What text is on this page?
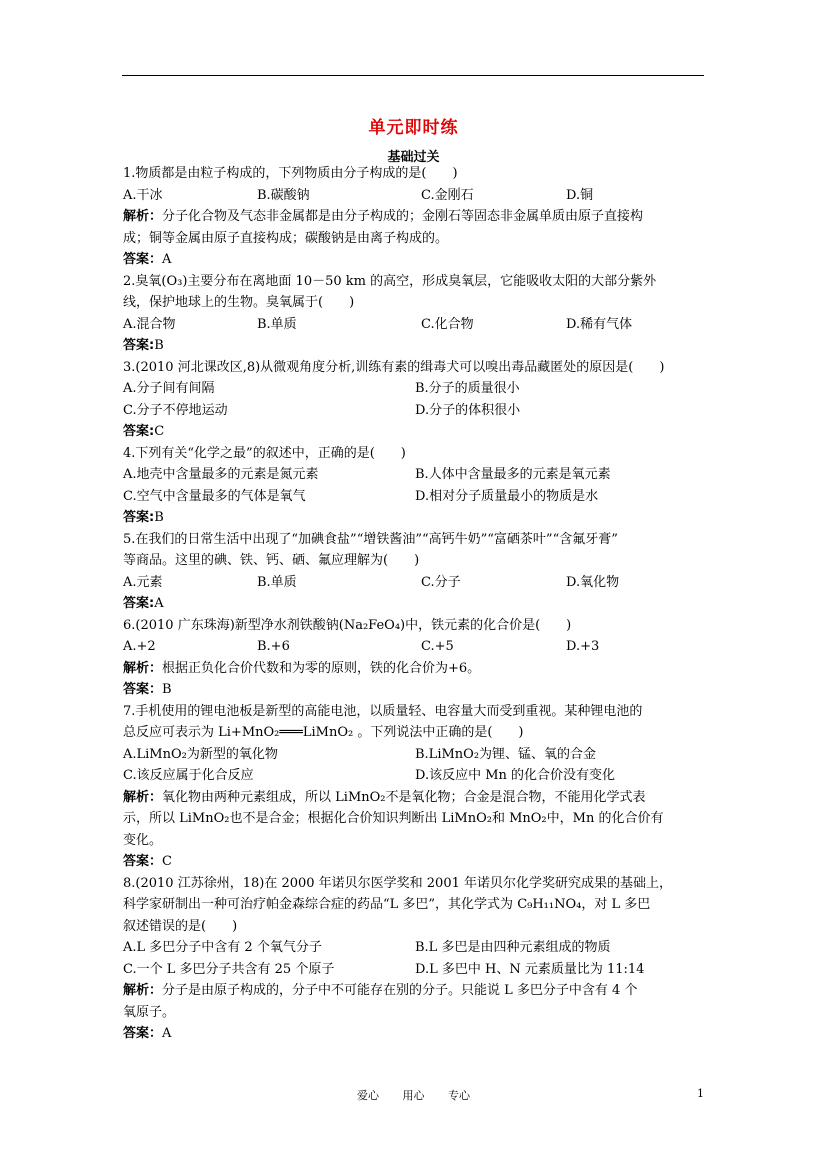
单元即时练
基础过关
1.物质都是由粒子构成的，下列物质由分子构成的是(　　)
A.干冰	B.碳酸钠	C.金刚石	D.铜
解析：分子化合物及气态非金属都是由分子构成的；金刚石等固态非金属单质由原子直接构
成；铜等金属由原子直接构成；碳酸钠是由离子构成的。
答案：A
2.臭氧(O₃)主要分布在离地面 10－50 km 的高空，形成臭氧层，它能吸收太阳的大部分紫外
线，保护地球上的生物。臭氧属于(　　)
A.混合物	B.单质	C.化合物	D.稀有气体
答案:B
3.(2010 河北课改区,8)从微观角度分析,训练有素的缉毒犬可以嗅出毒品藏匿处的原因是(　　)
A.分子间有间隔	B.分子的质量很小
C.分子不停地运动	D.分子的体积很小
答案:C
4.下列有关“化学之最”的叙述中，正确的是(　　)
A.地壳中含量最多的元素是氮元素	B.人体中含量最多的元素是氧元素
C.空气中含量最多的气体是氧气	D.相对分子质量最小的物质是水
答案:B
5.在我们的日常生活中出现了“加碘食盐”“增铁酱油”“高钙牛奶”“富硒茶叶”“含氟牙膏”
等商品。这里的碘、铁、钙、硒、氟应理解为(　　)
A.元素	B.单质	C.分子	D.氧化物
答案:A
6.(2010 广东珠海)新型净水剂铁酸钠(Na₂FeO₄)中，铁元素的化合价是(　　)
A.+2	B.+6	C.+5	D.+3
解析：根据正负化合价代数和为零的原则，铁的化合价为+6。
答案：B
7.手机使用的锂电池板是新型的高能电池，以质量轻、电容量大而受到重视。某种锂电池的
总反应可表示为 Li+MnO₂═══LiMnO₂ 。下列说法中正确的是(　　)
A.LiMnO₂为新型的氧化物	B.LiMnO₂为锂、锰、氧的合金
C.该反应属于化合反应	D.该反应中 Mn 的化合价没有变化
解析：氧化物由两种元素组成，所以 LiMnO₂不是氧化物；合金是混合物，不能用化学式表
示，所以 LiMnO₂也不是合金；根据化合价知识判断出 LiMnO₂和 MnO₂中，Mn 的化合价有
变化。
答案：C
8.(2010 江苏徐州，18)在 2000 年诺贝尔医学奖和 2001 年诺贝尔化学奖研究成果的基础上，
科学家研制出一种可治疗帕金森综合症的药品“L 多巴”，其化学式为 C₉H₁₁NO₄，对 L 多巴
叙述错误的是(　　)
A.L 多巴分子中含有 2 个氧气分子	B.L 多巴是由四种元素组成的物质
C.一个 L 多巴分子共含有 25 个原子	D.L 多巴中 H、N 元素质量比为 11:14
解析：分子是由原子构成的，分子中不可能存在别的分子。只能说 L 多巴分子中含有 4 个
氧原子。
答案：A
爱心 用心 专心	1
